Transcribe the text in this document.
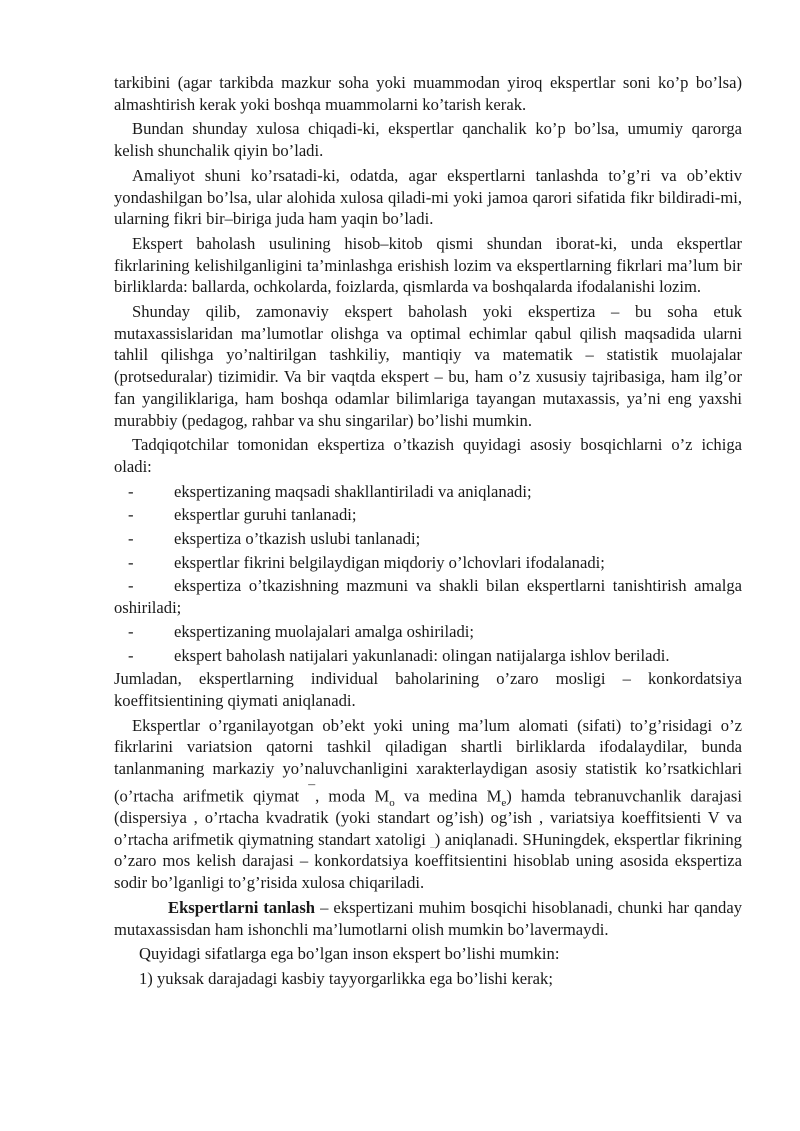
tarkibini (agar tarkibda mazkur soha yoki muammodan yiroq ekspertlar soni ko’p bo’lsa) almashtirish kerak yoki boshqa muammolarni ko’tarish kerak.

Bundan shunday xulosa chiqadi-ki, ekspertlar qanchalik ko’p bo’lsa, umumiy qarorga kelish shunchalik qiyin bo’ladi.

Amaliyot shuni ko’rsatadi-ki, odatda, agar ekspertlarni tanlashda to’g’ri va ob’ektiv yondashilgan bo’lsa, ular alohida xulosa qiladi-mi yoki jamoa qarori sifatida fikr bildiradi-mi, ularning fikri bir–biriga juda ham yaqin bo’ladi.

Ekspert baholash usulining hisob–kitob qismi shundan iborat-ki, unda ekspertlar fikrlarining kelishilganligini ta’minlashga erishish lozim va ekspertlarning fikrlari ma’lum bir birliklarda: ballarda, ochkolarda, foizlarda, qismlarda va boshqalarda ifodalanishi lozim.

Shunday qilib, zamonaviy ekspert baholash yoki ekspertiza – bu soha etuk mutaxassislaridan ma’lumotlar olishga va optimal echimlar qabul qilish maqsadida ularni tahlil qilishga yo’naltirilgan tashkiliy, mantiqiy va matematik – statistik muolajalar (protseduralar) tizimidir. Va bir vaqtda ekspert – bu, ham o’z xususiy tajribasiga, ham ilg’or fan yangiliklariga, ham boshqa odamlar bilimlariga tayangan mutaxassis, ya’ni eng yaxshi murabbiy (pedagog, rahbar va shu singarilar) bo’lishi mumkin.

Tadqiqotchilar tomonidan ekspertiza o’tkazish quyidagi asosiy bosqichlarni o’z ichiga oladi:

- ekspertizaning maqsadi shakllantiriladi va aniqlanadi;
- ekspertlar guruhi tanlanadi;
- ekspertiza o’tkazish uslubi tanlanadi;
- ekspertlar fikrini belgilaydigan miqdoriy o’lchovlari ifodalanadi;
- ekspertiza o’tkazishning mazmuni va shakli bilan ekspertlarni tanishtirish amalga oshiriladi;
- ekspertizaning muolajalari amalga oshiriladi;
- ekspert baholash natijalari yakunlanadi: olingan natijalarga ishlov beriladi.

Jumladan, ekspertlarning individual baholarining o’zaro mosligi – konkordatsiya koeffitsientining qiymati aniqlanadi.

Ekspertlar o’rganilayotgan ob’ekt yoki uning ma’lum alomati (sifati) to’g’risidagi o’z fikrlarini variatsion qatorni tashkil qiladigan shartli birliklarda ifodalaydilar, bunda tanlanmaning markaziy yo’naluvchanligini xarakterlaydigan asosiy statistik ko’rsatkichlari (o’rtacha arifmetik qiymat ¯, moda $M_o$ va medina $M_e$) hamda tebranuvchanlik darajasi (dispersiya , o’rtacha kvadratik (yoki standart og’ish) og’ish , variatsiya koeffitsienti V va o’rtacha arifmetik qiymatning standart xatoligi $_-$) aniqlanadi. SHuningdek, ekspertlar fikrining o’zaro mos kelish darajasi – konkordatsiya koeffitsientini hisoblab uning asosida ekspertiza sodir bo’lganligi to’g’risida xulosa chiqariladi.

Ekspertlarni tanlash – ekspertizani muhim bosqichi hisoblanadi, chunki har qanday mutaxassisdan ham ishonchli ma’lumotlarni olish mumkin bo’lavermaydi.

Quyidagi sifatlarga ega bo’lgan inson ekspert bo’lishi mumkin:

1) yuksak darajadagi kasbiy tayyorgarlikka ega bo’lishi kerak;
